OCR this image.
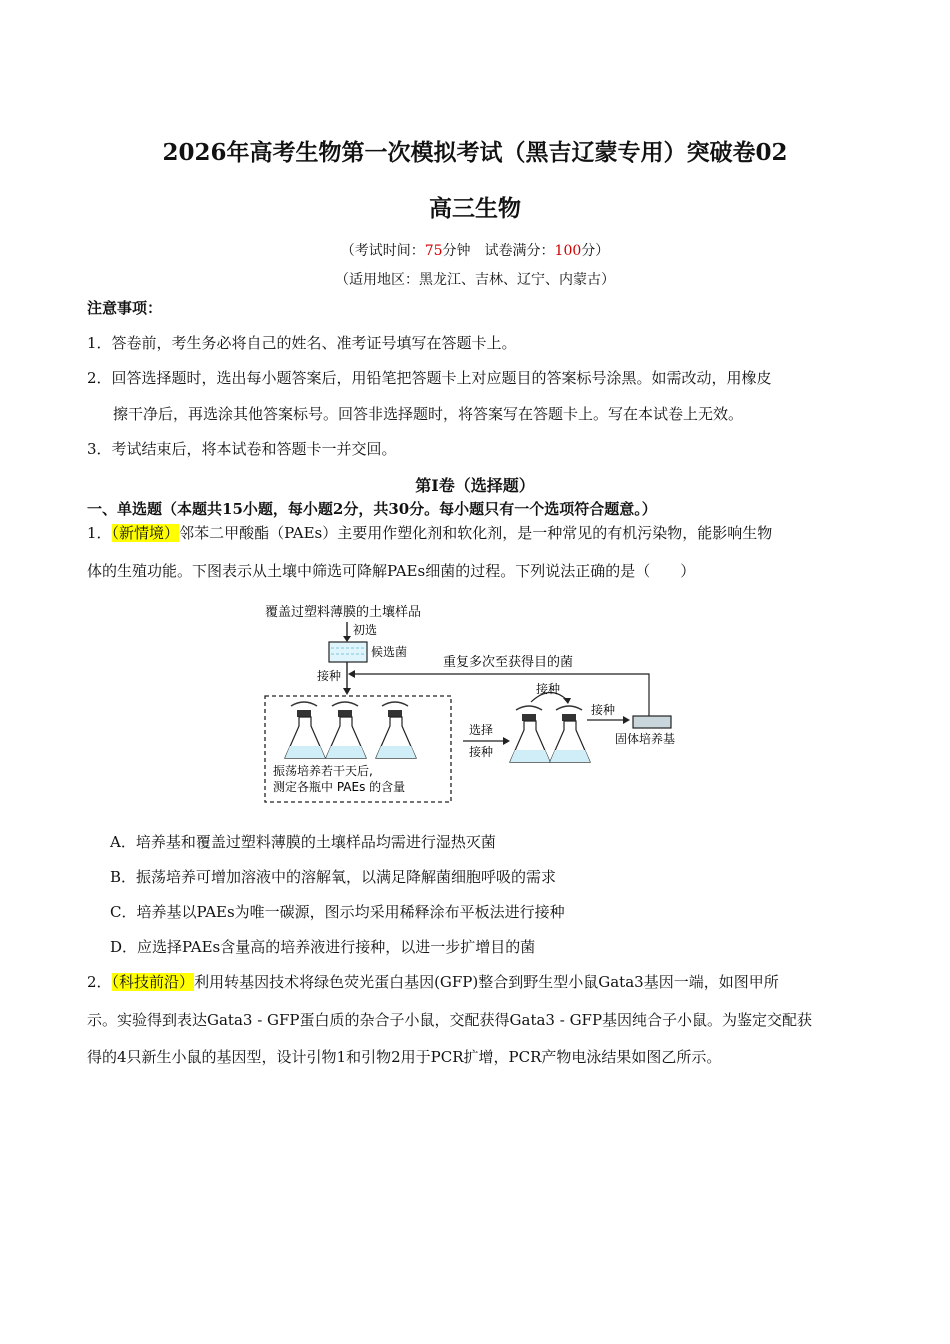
2026年高考生物第一次模拟考试（黑吉辽蒙专用）突破卷02
高三生物
（考试时间：75分钟　试卷满分：100分）
（适用地区：黑龙江、吉林、辽宁、内蒙古）
注意事项：
1．答卷前，考生务必将自己的姓名、准考证号填写在答题卡上。
2．回答选择题时，选出每小题答案后，用铅笔把答题卡上对应题目的答案标号涂黑。如需改动，用橡皮
擦干净后，再选涂其他答案标号。回答非选择题时，将答案写在答题卡上。写在本试卷上无效。
3．考试结束后，将本试卷和答题卡一并交回。
第Ⅰ卷（选择题）
一、单选题（本题共15小题，每小题2分，共30分。每小题只有一个选项符合题意。）
1．（新情境）邻苯二甲酸酯（PAEs）主要用作塑化剂和软化剂，是一种常见的有机污染物，能影响生物
体的生殖功能。下图表示从土壤中筛选可降解PAEs细菌的过程。下列说法正确的是（　　）
覆盖过塑料薄膜的土壤样品
初选
候选菌
接种
重复多次至获得目的菌
振荡培养若干天后,
测定各瓶中 PAEs 的含量
选择
接种
接种
接种
固体培养基
A．培养基和覆盖过塑料薄膜的土壤样品均需进行湿热灭菌
B．振荡培养可增加溶液中的溶解氧，以满足降解菌细胞呼吸的需求
C．培养基以PAEs为唯一碳源，图示均采用稀释涂布平板法进行接种
D．应选择PAEs含量高的培养液进行接种，以进一步扩增目的菌
2．（科技前沿）利用转基因技术将绿色荧光蛋白基因(GFP)整合到野生型小鼠Gata3基因一端，如图甲所
示。实验得到表达Gata3 - GFP蛋白质的杂合子小鼠，交配获得Gata3 - GFP基因纯合子小鼠。为鉴定交配获
得的4只新生小鼠的基因型，设计引物1和引物2用于PCR扩增，PCR产物电泳结果如图乙所示。
